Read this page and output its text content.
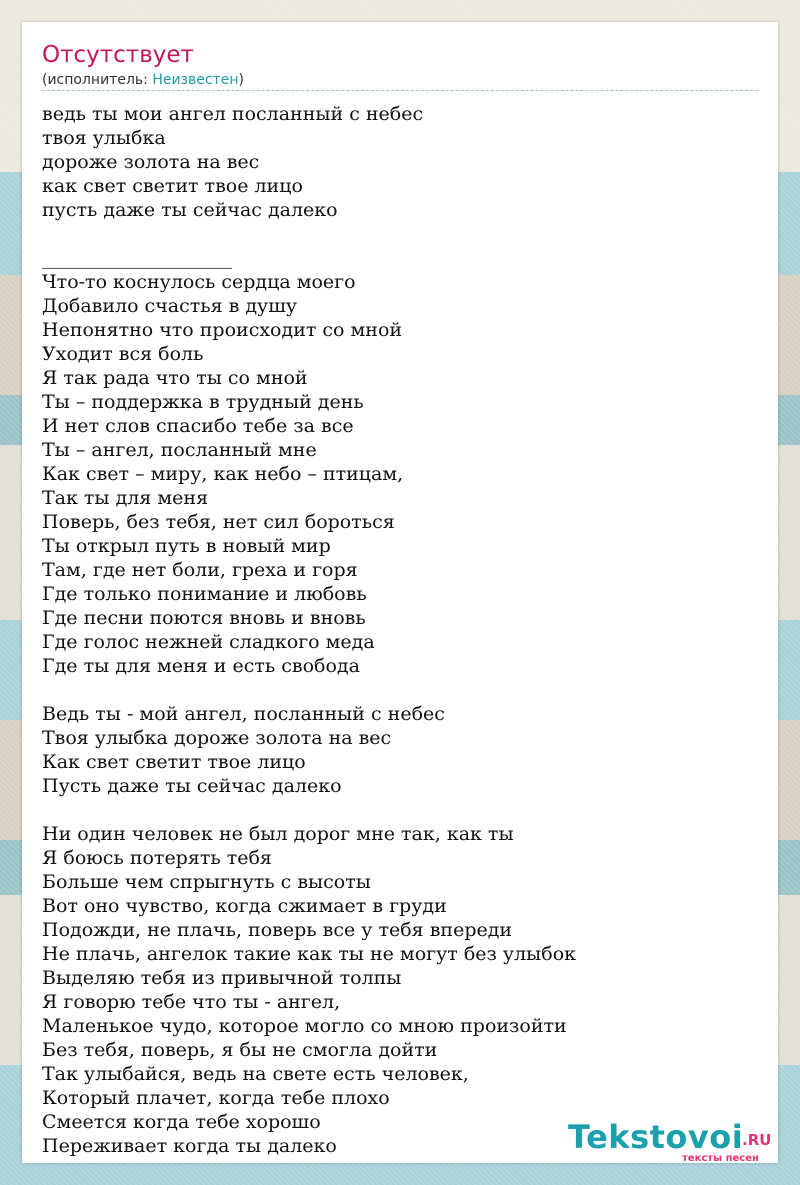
Отсутствует
(исполнитель: Неизвестен)
ведь ты мои ангел посланный с небес
твоя улыбка
дороже золота на вес
как свет светит твое лицо
пусть даже ты сейчас далеко
____________________
Что-то коснулось сердца моего
Добавило счастья в душу
Непонятно что происходит со мной
Уходит вся боль
Я так рада что ты со мной
Ты – поддержка в трудный день
И нет слов спасибо тебе за все
Ты – ангел, посланный мне
Как свет – миру, как небо – птицам,
Так ты для меня
Поверь, без тебя, нет сил бороться
Ты открыл путь в новый мир
Там, где нет боли, греха и горя
Где только понимание и любовь
Где песни поются вновь и вновь
Где голос нежней сладкого меда
Где ты для меня и есть свобода
Ведь ты - мой ангел, посланный с небес
Твоя улыбка дороже золота на вес
Как свет светит твое лицо
Пусть даже ты сейчас далеко
Ни один человек не был дорог мне так, как ты
Я боюсь потерять тебя
Больше чем спрыгнуть с высоты
Вот оно чувство, когда сжимает в груди
Подожди, не плачь, поверь все у тебя впереди
Не плачь, ангелок такие как ты не могут без улыбок
Выделяю тебя из привычной толпы
Я говорю тебе что ты - ангел,
Маленькое чудо, которое могло со мною произойти
Без тебя, поверь, я бы не смогла дойти
Так улыбайся, ведь на свете есть человек,
Который плачет, когда тебе плохо
Смеется когда тебе хорошо
Переживает когда ты далеко	Tekstovoi
.RU
тексты песен
